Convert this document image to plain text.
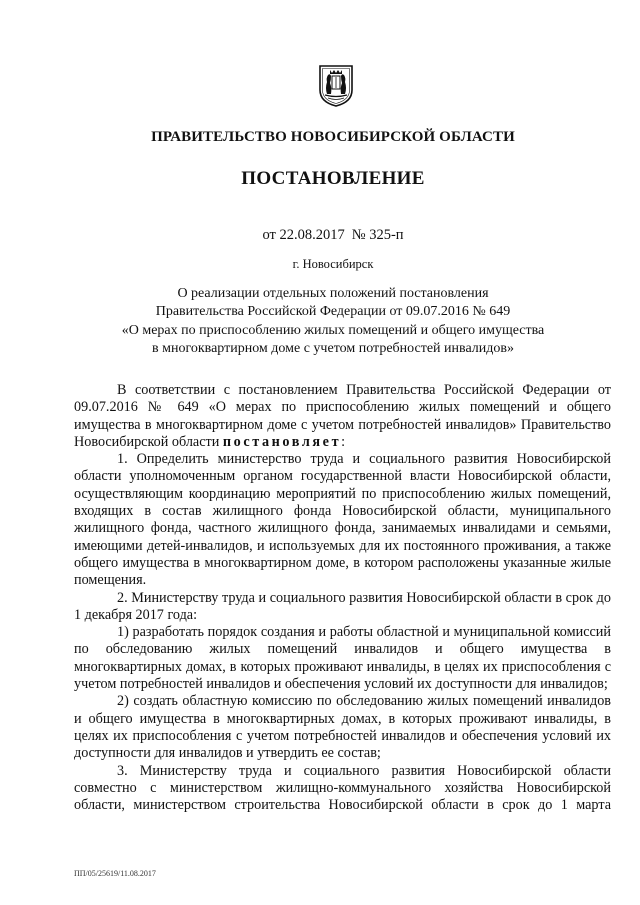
ПРАВИТЕЛЬСТВО НОВОСИБИРСКОЙ ОБЛАСТИ
ПОСТАНОВЛЕНИЕ
от 22.08.2017 № 325-п
г. Новосибирск
О реализации отдельных положений постановления
Правительства Российской Федерации от 09.07.2016 № 649
«О мерах по приспособлению жилых помещений и общего имущества
в многоквартирном доме с учетом потребностей инвалидов»

В соответствии с постановлением Правительства Российской Федерации от 09.07.2016 № 649 «О мерах по приспособлению жилых помещений и общего имущества в многоквартирном доме с учетом потребностей инвалидов» Правительство Новосибирской области постановляет:

1. Определить министерство труда и социального развития Новосибирской области уполномоченным органом государственной власти Новосибирской области, осуществляющим координацию мероприятий по приспособлению жилых помещений, входящих в состав жилищного фонда Новосибирской области, муниципального жилищного фонда, частного жилищного фонда, занимаемых инвалидами и семьями, имеющими детей-инвалидов, и используемых для их постоянного проживания, а также общего имущества в многоквартирном доме, в котором расположены указанные жилые помещения.

2. Министерству труда и социального развития Новосибирской области в срок до 1 декабря 2017 года:

1) разработать порядок создания и работы областной и муниципальной комиссий по обследованию жилых помещений инвалидов и общего имущества в многоквартирных домах, в которых проживают инвалиды, в целях их приспособления с учетом потребностей инвалидов и обеспечения условий их доступности для инвалидов;

2) создать областную комиссию по обследованию жилых помещений инвалидов и общего имущества в многоквартирных домах, в которых проживают инвалиды, в целях их приспособления с учетом потребностей инвалидов и обеспечения условий их доступности для инвалидов и утвердить ее состав;

3. Министерству труда и социального развития Новосибирской области совместно с министерством жилищно-коммунального хозяйства Новосибирской области, министерством строительства Новосибирской области в срок до 1 марта

ПП/05/25619/11.08.2017
